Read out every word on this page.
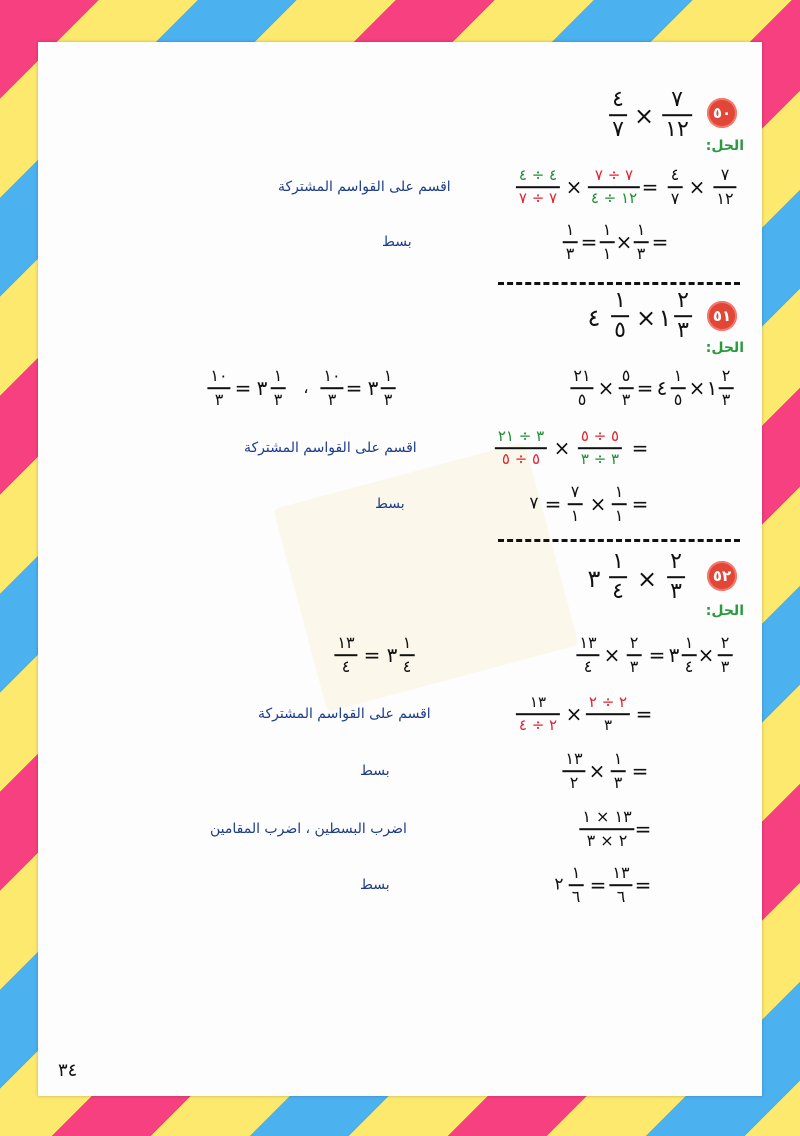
٥٠
٧
١٢
×
٤
٧
الحل:
٧
١٢
×
٤
٧
=
٧ ÷ ٧
١٢ ÷ ٤
×
٤ ÷ ٤
٧ ÷ ٧
اقسم على القواسم المشتركة
=
١
٣
×
١
١
=
١
٣
بسط
٥١
٢
٣
١
×
١
٥
٤
الحل:
٢
٣
١
×
١
٥
٤
=
٥
٣
×
٢١
٥
١
٣
٣
=
١٠
٣
،
١
٣
٣
=
١٠
٣
=
٥ ÷ ٥
٣ ÷ ٣
×
٣ ÷ ٢١
٥ ÷ ٥
اقسم على القواسم المشتركة
=
١
١
×
٧
١
=
٧
بسط
٥٢
٢
٣
×
١
٤
٣
الحل:
٢
٣
×
١
٤
٣
=
٢
٣
×
١٣
٤
١
٤
٣
=
١٣
٤
=
٢ ÷ ٢
٣
×
١٣
٢ ÷ ٤
اقسم على القواسم المشتركة
=
١
٣
×
١٣
٢
بسط
=
١٣ × ١
٢ × ٣
اضرب البسطين ، اضرب المقامين
=
١٣
٦
=
١
٦
٢
بسط
٣٤
